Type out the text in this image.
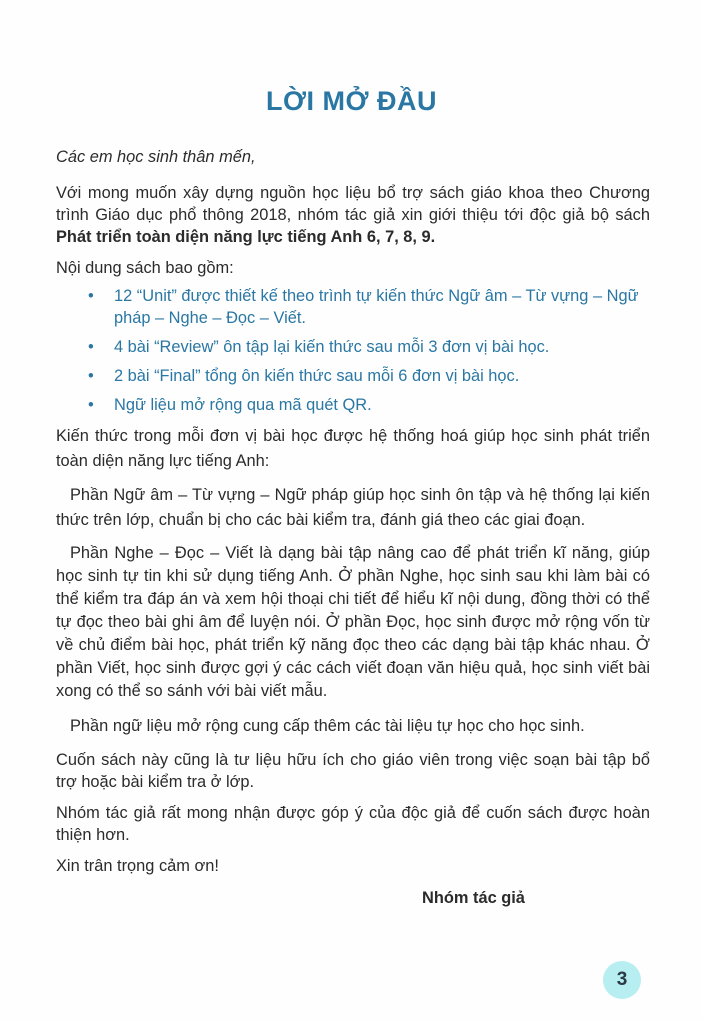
LỜI MỞ ĐẦU

Các em học sinh thân mến,

Với mong muốn xây dựng nguồn học liệu bổ trợ sách giáo khoa theo Chương trình Giáo dục phổ thông 2018, nhóm tác giả xin giới thiệu tới độc giả bộ sách Phát triển toàn diện năng lực tiếng Anh 6, 7, 8, 9.

Nội dung sách bao gồm:

• 12 “Unit” được thiết kế theo trình tự kiến thức Ngữ âm – Từ vựng – Ngữ pháp – Nghe – Đọc – Viết.
• 4 bài “Review” ôn tập lại kiến thức sau mỗi 3 đơn vị bài học.
• 2 bài “Final” tổng ôn kiến thức sau mỗi 6 đơn vị bài học.
• Ngữ liệu mở rộng qua mã quét QR.

Kiến thức trong mỗi đơn vị bài học được hệ thống hoá giúp học sinh phát triển toàn diện năng lực tiếng Anh:

Phần Ngữ âm – Từ vựng – Ngữ pháp giúp học sinh ôn tập và hệ thống lại kiến thức trên lớp, chuẩn bị cho các bài kiểm tra, đánh giá theo các giai đoạn.

Phần Nghe – Đọc – Viết là dạng bài tập nâng cao để phát triển kĩ năng, giúp học sinh tự tin khi sử dụng tiếng Anh. Ở phần Nghe, học sinh sau khi làm bài có thể kiểm tra đáp án và xem hội thoại chi tiết để hiểu kĩ nội dung, đồng thời có thể tự đọc theo bài ghi âm để luyện nói. Ở phần Đọc, học sinh được mở rộng vốn từ về chủ điểm bài học, phát triển kỹ năng đọc theo các dạng bài tập khác nhau. Ở phần Viết, học sinh được gợi ý các cách viết đoạn văn hiệu quả, học sinh viết bài xong có thể so sánh với bài viết mẫu.

Phần ngữ liệu mở rộng cung cấp thêm các tài liệu tự học cho học sinh.

Cuốn sách này cũng là tư liệu hữu ích cho giáo viên trong việc soạn bài tập bổ trợ hoặc bài kiểm tra ở lớp.

Nhóm tác giả rất mong nhận được góp ý của độc giả để cuốn sách được hoàn thiện hơn.

Xin trân trọng cảm ơn!

Nhóm tác giả

3
